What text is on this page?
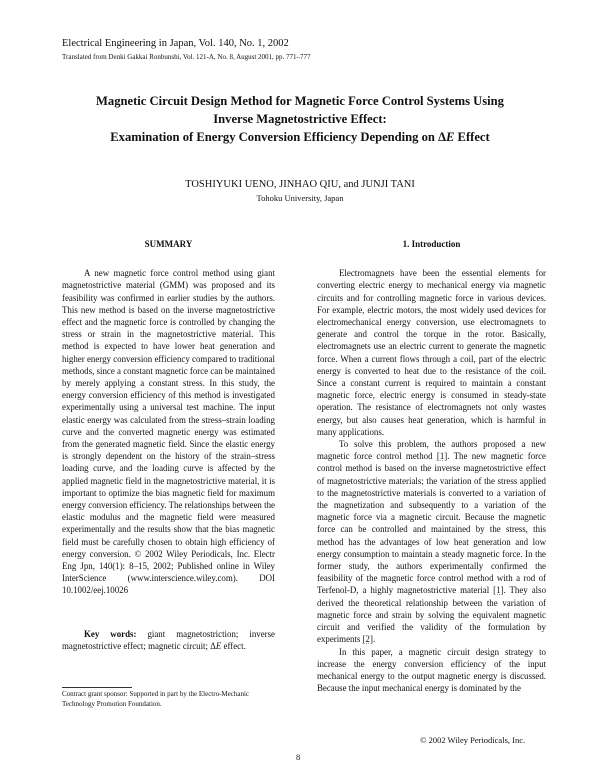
Electrical Engineering in Japan, Vol. 140, No. 1, 2002
Translated from Denki Gakkai Ronbunshi, Vol. 121-A, No. 8, August 2001, pp. 771–777
Magnetic Circuit Design Method for Magnetic Force Control Systems Using
Inverse Magnetostrictive Effect:
Examination of Energy Conversion Efficiency Depending on ΔE Effect
TOSHIYUKI UENO, JINHAO QIU, and JUNJI TANI
Tohoku University, Japan
SUMMARY

A new magnetic force control method using giant magnetostrictive material (GMM) was proposed and its feasibility was confirmed in earlier studies by the authors. This new method is based on the inverse magnetostrictive effect and the magnetic force is controlled by changing the stress or strain in the magnetostrictive material. This method is expected to have lower heat generation and higher energy conversion efficiency compared to traditional methods, since a constant magnetic force can be maintained by merely applying a constant stress. In this study, the energy conversion efficiency of this method is investigated experimentally using a universal test machine. The input elastic energy was calculated from the stress–strain loading curve and the converted magnetic energy was estimated from the generated magnetic field. Since the elastic energy is strongly dependent on the history of the strain–stress loading curve, and the loading curve is affected by the applied magnetic field in the magnetostrictive material, it is important to optimize the bias magnetic field for maximum energy conversion efficiency. The relationships between the elastic modulus and the magnetic field were measured experimentally and the results show that the bias magnetic field must be carefully chosen to obtain high efficiency of energy conversion. © 2002 Wiley Periodicals, Inc. Electr Eng Jpn, 140(1): 8–15, 2002; Published online in Wiley InterScience (www.interscience.wiley.com). DOI 10.1002/eej.10026

Key words: giant magnetostriction; inverse magnetostrictive effect; magnetic circuit; ΔE effect.

Contract grant sponsor: Supported in part by the Electro-Mechanic Technology Promotion Foundation.
1. Introduction

Electromagnets have been the essential elements for converting electric energy to mechanical energy via magnetic circuits and for controlling magnetic force in various devices. For example, electric motors, the most widely used devices for electromechanical energy conversion, use electromagnets to generate and control the torque in the rotor. Basically, electromagnets use an electric current to generate the magnetic force. When a current flows through a coil, part of the electric energy is converted to heat due to the resistance of the coil. Since a constant current is required to maintain a constant magnetic force, electric energy is consumed in steady-state operation. The resistance of electromagnets not only wastes energy, but also causes heat generation, which is harmful in many applications.

To solve this problem, the authors proposed a new magnetic force control method [1]. The new magnetic force control method is based on the inverse magnetostrictive effect of magnetostrictive materials; the variation of the stress applied to the magnetostrictive materials is converted to a variation of the magnetization and subsequently to a variation of the magnetic force via a magnetic circuit. Because the magnetic force can be controlled and maintained by the stress, this method has the advantages of low heat generation and low energy consumption to maintain a steady magnetic force. In the former study, the authors experimentally confirmed the feasibility of the magnetic force control method with a rod of Terfenol-D, a highly magnetostrictive material [1]. They also derived the theoretical relationship between the variation of magnetic force and strain by solving the equivalent magnetic circuit and verified the validity of the formulation by experiments [2].

In this paper, a magnetic circuit design strategy to increase the energy conversion efficiency of the input mechanical energy to the output magnetic energy is discussed. Because the input mechanical energy is dominated by the

© 2002 Wiley Periodicals, Inc.
8
